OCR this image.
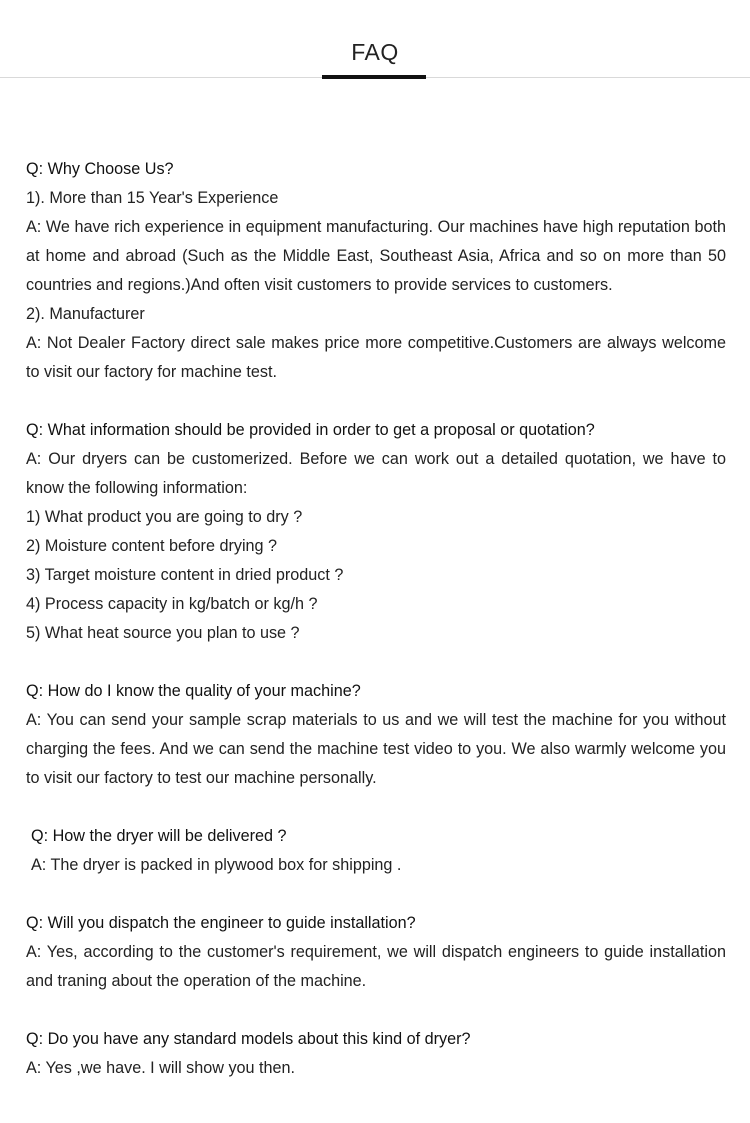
FAQ

Q: Why Choose Us?

1). More than 15 Year's Experience

A: We have rich experience in equipment manufacturing. Our machines have high reputation both at home and abroad (Such as the Middle East, Southeast Asia, Africa and so on more than 50 countries and regions.)And often visit customers to provide services to customers.

2). Manufacturer

A: Not Dealer Factory direct sale makes price more competitive.Customers are always welcome to visit our factory for machine test.

Q: What information should be provided in order to get a proposal or quotation?

A: Our dryers can be customerized. Before we can work out a detailed quotation, we have to know the following information:

1) What product you are going to dry ?

2) Moisture content before drying ?

3) Target moisture content in dried product ?

4) Process capacity in kg/batch or kg/h ?

5) What heat source you plan to use ?

Q: How do I know the quality of your machine?

A: You can send your sample scrap materials to us and we will test the machine for you without charging the fees. And we can send the machine test video to you. We also warmly welcome you to visit our factory to test our machine personally.

Q: How the dryer will be delivered ?

A: The dryer is packed in plywood box for shipping .

Q: Will you dispatch the engineer to guide installation?

A: Yes, according to the customer's requirement, we will dispatch engineers to guide installation and traning about the operation of the machine.

Q: Do you have any standard models about this kind of dryer?

A: Yes ,we have. I will show you then.
